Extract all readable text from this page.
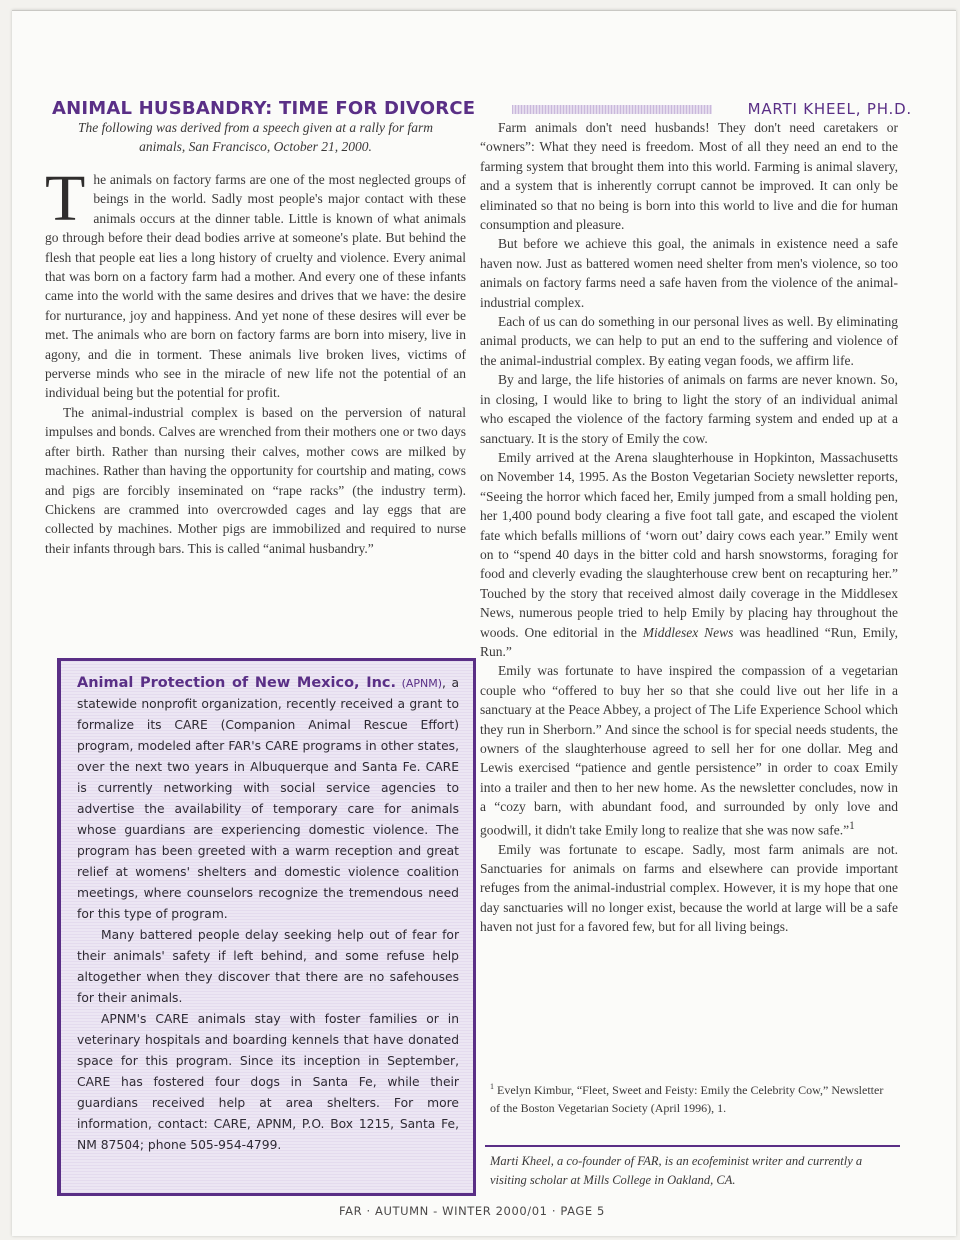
ANIMAL HUSBANDRY: TIME FOR DIVORCE	MARTI KHEEL, PH.D.

The following was derived from a speech given at a rally for farm animals, San Francisco, October 21, 2000.

The animals on factory farms are one of the most neglected groups of beings in the world. Sadly most people's major contact with these animals occurs at the dinner table. Little is known of what animals go through before their dead bodies arrive at someone's plate. But behind the flesh that people eat lies a long history of cruelty and violence. Every animal that was born on a factory farm had a mother. And every one of these infants came into the world with the same desires and drives that we have: the desire for nurturance, joy and happiness. And yet none of these desires will ever be met. The animals who are born on factory farms are born into misery, live in agony, and die in torment. These animals live broken lives, victims of perverse minds who see in the miracle of new life not the potential of an individual being but the potential for profit.

The animal-industrial complex is based on the perversion of natural impulses and bonds. Calves are wrenched from their mothers one or two days after birth. Rather than nursing their calves, mother cows are milked by machines. Rather than having the opportunity for courtship and mating, cows and pigs are forcibly inseminated on “rape racks” (the industry term). Chickens are crammed into overcrowded cages and lay eggs that are collected by machines. Mother pigs are immobilized and required to nurse their infants through bars. This is called “animal husbandry.”

Animal Protection of New Mexico, Inc. (APNM), a statewide nonprofit organization, recently received a grant to formalize its CARE (Companion Animal Rescue Effort) program, modeled after FAR's CARE programs in other states, over the next two years in Albuquerque and Santa Fe. CARE is currently networking with social service agencies to advertise the availability of temporary care for animals whose guardians are experiencing domestic violence. The program has been greeted with a warm reception and great relief at womens' shelters and domestic violence coalition meetings, where counselors recognize the tremendous need for this type of program.

Many battered people delay seeking help out of fear for their animals' safety if left behind, and some refuse help altogether when they discover that there are no safehouses for their animals.

APNM's CARE animals stay with foster families or in veterinary hospitals and boarding kennels that have donated space for this program. Since its inception in September, CARE has fostered four dogs in Santa Fe, while their guardians received help at area shelters. For more information, contact: CARE, APNM, P.O. Box 1215, Santa Fe, NM 87504; phone 505-954-4799.

Farm animals don't need husbands! They don't need caretakers or “owners”: What they need is freedom. Most of all they need an end to the farming system that brought them into this world. Farming is animal slavery, and a system that is inherently corrupt cannot be improved. It can only be eliminated so that no being is born into this world to live and die for human consumption and pleasure.

But before we achieve this goal, the animals in existence need a safe haven now. Just as battered women need shelter from men's violence, so too animals on factory farms need a safe haven from the violence of the animal-industrial complex.

Each of us can do something in our personal lives as well. By eliminating animal products, we can help to put an end to the suffering and violence of the animal-industrial complex. By eating vegan foods, we affirm life.

By and large, the life histories of animals on farms are never known. So, in closing, I would like to bring to light the story of an individual animal who escaped the violence of the factory farming system and ended up at a sanctuary. It is the story of Emily the cow.

Emily arrived at the Arena slaughterhouse in Hopkinton, Massachusetts on November 14, 1995. As the Boston Vegetarian Society newsletter reports, “Seeing the horror which faced her, Emily jumped from a small holding pen, her 1,400 pound body clearing a five foot tall gate, and escaped the violent fate which befalls millions of ‘worn out’ dairy cows each year.” Emily went on to “spend 40 days in the bitter cold and harsh snowstorms, foraging for food and cleverly evading the slaughterhouse crew bent on recapturing her.” Touched by the story that received almost daily coverage in the Middlesex News, numerous people tried to help Emily by placing hay throughout the woods. One editorial in the Middlesex News was headlined “Run, Emily, Run.”

Emily was fortunate to have inspired the compassion of a vegetarian couple who “offered to buy her so that she could live out her life in a sanctuary at the Peace Abbey, a project of The Life Experience School which they run in Sherborn.” And since the school is for special needs students, the owners of the slaughterhouse agreed to sell her for one dollar. Meg and Lewis exercised “patience and gentle persistence” in order to coax Emily into a trailer and then to her new home. As the newsletter concludes, now in a “cozy barn, with abundant food, and surrounded by only love and goodwill, it didn't take Emily long to realize that she was now safe.”$^1$

Emily was fortunate to escape. Sadly, most farm animals are not. Sanctuaries for animals on farms and elsewhere can provide important refuges from the animal-industrial complex. However, it is my hope that one day sanctuaries will no longer exist, because the world at large will be a safe haven not just for a favored few, but for all living beings.

$^1$ Evelyn Kimbur, “Fleet, Sweet and Feisty: Emily the Celebrity Cow,” Newsletter of the Boston Vegetarian Society (April 1996), 1.
Marti Kheel, a co-founder of FAR, is an ecofeminist writer and currently a visiting scholar at Mills College in Oakland, CA.
FAR · AUTUMN - WINTER 2000/01 · PAGE 5
